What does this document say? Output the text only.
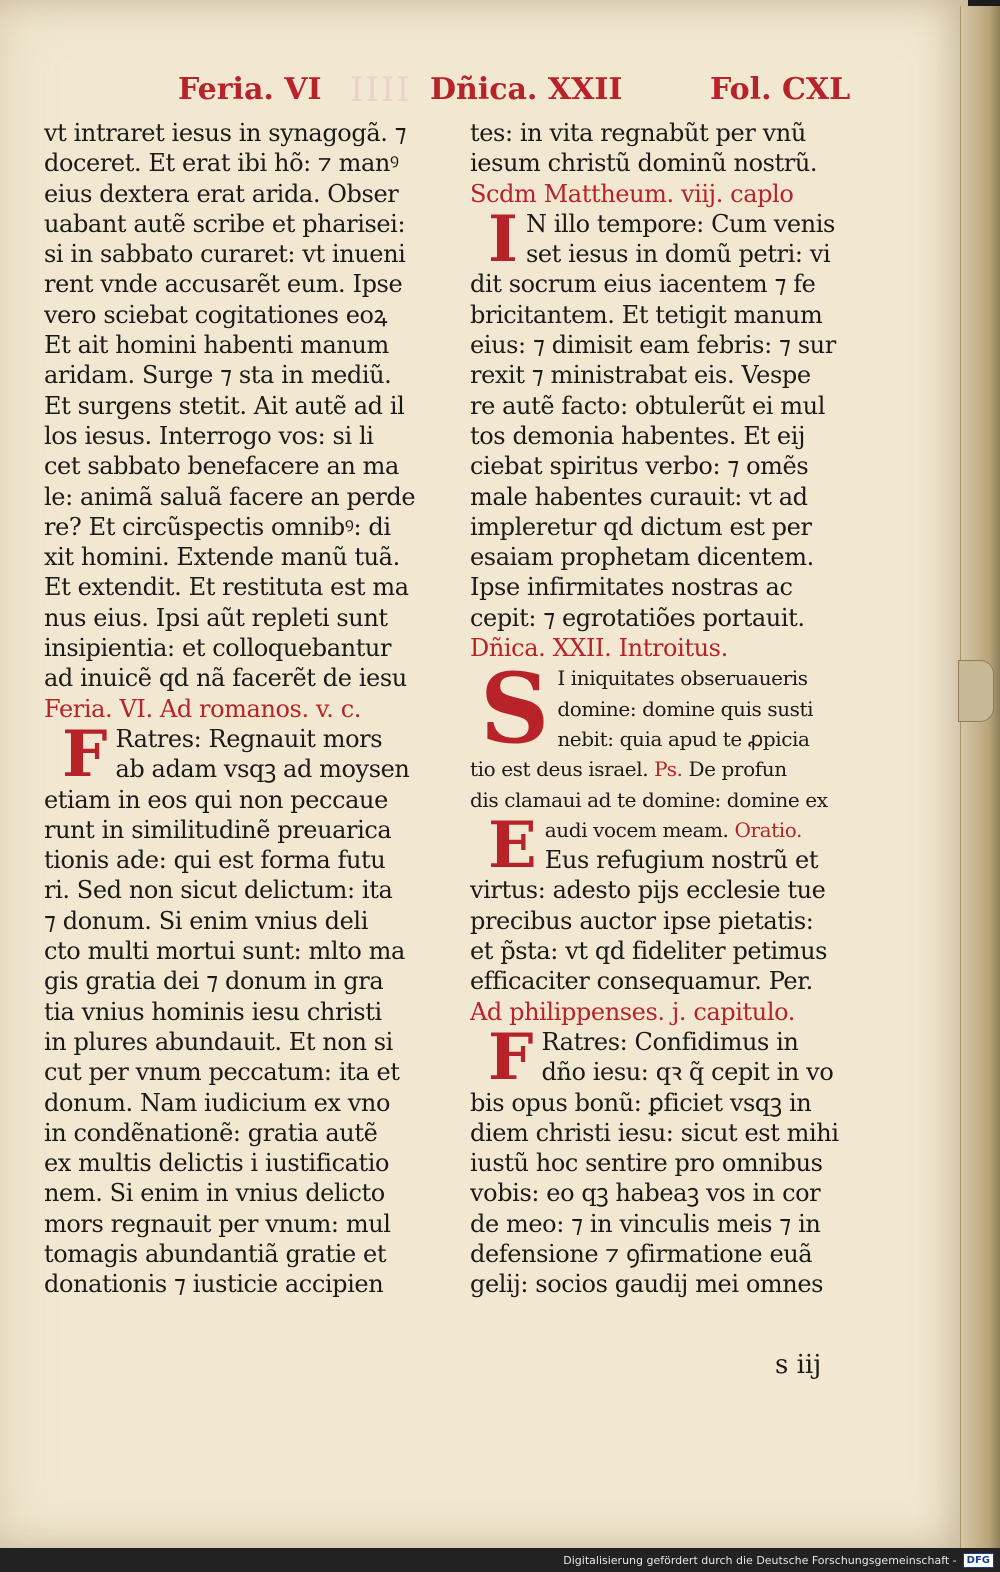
IIII
Feria. VI	Dñica. XXII	Fol. CXL
vt intraret iesus in synagogã. ⁊
doceret. Et erat ibi hõ: ⁊ manꝰ
eius dextera erat arida. Obser
uabant autẽ scribe et pharisei:
si in sabbato curaret: vt inueni
rent vnde accusarẽt eum. Ipse
vero sciebat cogitationes eoꝝ
Et ait homini habenti manum
aridam. Surge ⁊ sta in mediũ.
Et surgens stetit. Ait autẽ ad il
los iesus. Interrogo vos: si li
cet sabbato benefacere an ma
le: animã saluã facere an perde
re? Et circũspectis omnibꝰ: di
xit homini. Extende manũ tuã.
Et extendit. Et restituta est ma
nus eius. Ipsi aũt repleti sunt
insipientia: et colloquebantur
ad inuicẽ qd nã facerẽt de iesu
Feria. VI. Ad romanos. v. c.
F Ratres: Regnauit mors
ab adam vsqꝫ ad moysen
etiam in eos qui non peccaue
runt in similitudinẽ preuarica
tionis ade: qui est forma futu
ri. Sed non sicut delictum: ita
⁊ donum. Si enim vnius deli
cto multi mortui sunt: mlto ma
gis gratia dei ⁊ donum in gra
tia vnius hominis iesu christi
in plures abundauit. Et non si
cut per vnum peccatum: ita et
donum. Nam iudicium ex vno
in condẽnationẽ: gratia autẽ
ex multis delictis i iustificatio
nem. Si enim in vnius delicto
mors regnauit per vnum: mul
tomagis abundantiã gratie et
donationis ⁊ iusticie accipien
tes: in vita regnabũt per vnũ
iesum christũ dominũ nostrũ.
Scdm Mattheum. viij. caplo
I N illo tempore: Cum venis
set iesus in domũ petri: vi
dit socrum eius iacentem ⁊ fe
bricitantem. Et tetigit manum
eius: ⁊ dimisit eam febris: ⁊ sur
rexit ⁊ ministrabat eis. Vespe
re autẽ facto: obtulerũt ei mul
tos demonia habentes. Et eij
ciebat spiritus verbo: ⁊ omẽs
male habentes curauit: vt ad
impleretur qd dictum est per
esaiam prophetam dicentem.
Ipse infirmitates nostras ac
cepit: ⁊ egrotatiões portauit.
Dñica. XXII. Introitus.
S I iniquitates obseruaueris
domine: domine quis susti
nebit: quia apud te ꝓpicia
tio est deus israel. Ps. De profun
dis clamaui ad te domine: domine ex
E audi vocem meam. Oratio.
Eus refugium nostrũ et
virtus: adesto pijs ecclesie tue
precibus auctor ipse pietatis:
et p̃sta: vt qd fideliter petimus
efficaciter consequamur. Per.
Ad philippenses. j. capitulo.
F Ratres: Confidimus in
dño iesu: qꝛ q̃ cepit in vo
bis opus bonũ: ꝑficiet vsqꝫ in
diem christi iesu: sicut est mihi
iustũ hoc sentire pro omnibus
vobis: eo qꝫ habeaꝫ vos in cor
de meo: ⁊ in vinculis meis ⁊ in
defensione ⁊ ꝯfirmatione euã
gelij: socios gaudij mei omnes
s iij
Digitalisierung gefördert durch die Deutsche Forschungsgemeinschaft -	DFG
